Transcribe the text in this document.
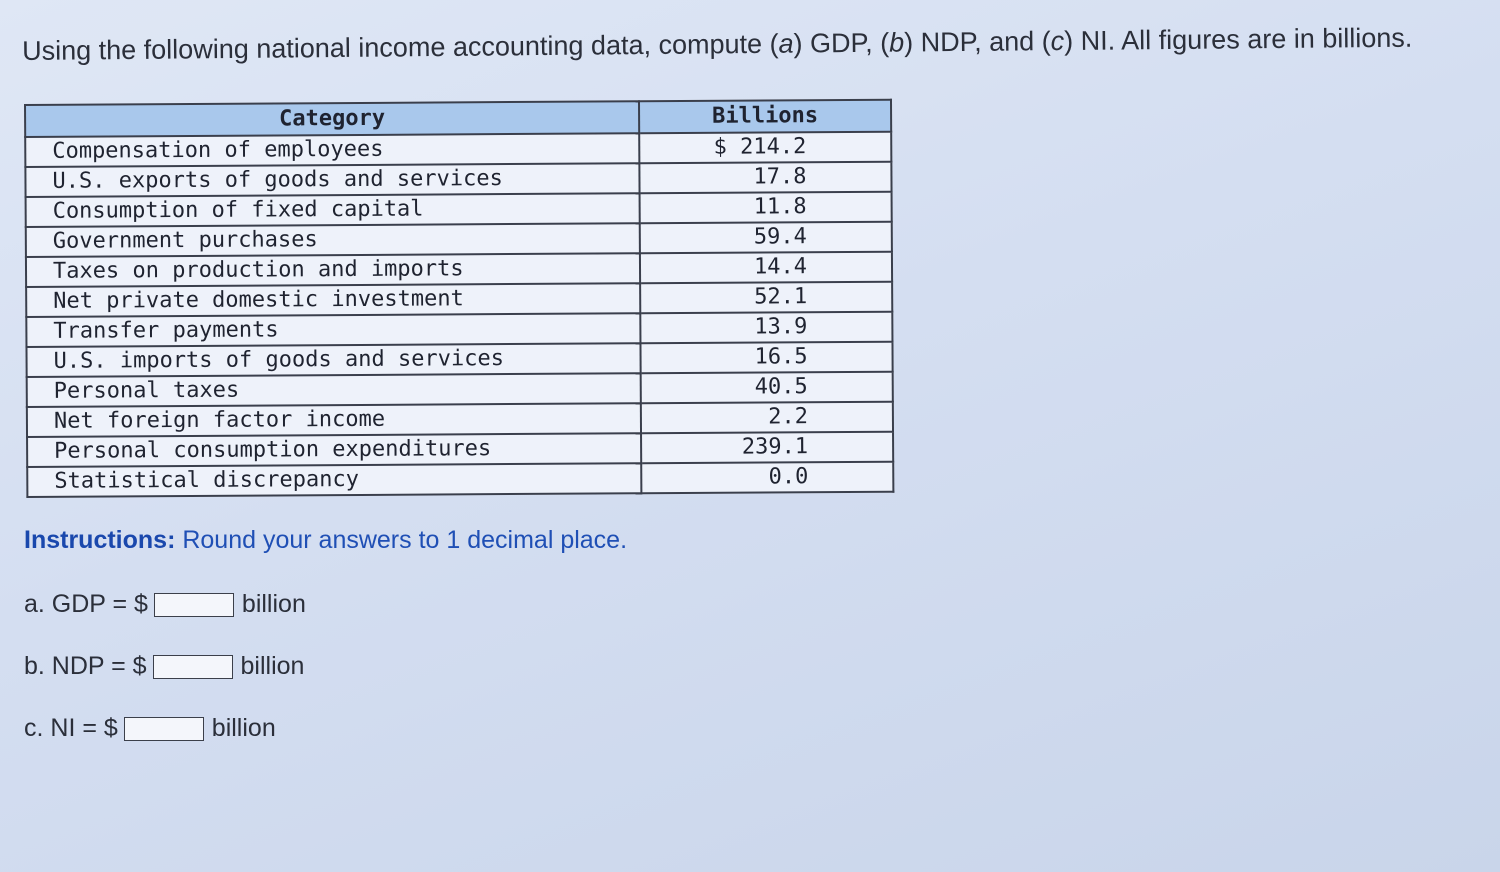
Using the following national income accounting data, compute (a) GDP, (b) NDP, and (c) NI. All figures are in billions.
Category	Billions
Compensation of employees	$ 214.2
U.S. exports of goods and services	17.8
Consumption of fixed capital	11.8
Government purchases	59.4
Taxes on production and imports	14.4
Net private domestic investment	52.1
Transfer payments	13.9
U.S. imports of goods and services	16.5
Personal taxes	40.5
Net foreign factor income	2.2
Personal consumption expenditures	239.1
Statistical discrepancy	0.0
Instructions: Round your answers to 1 decimal place.
a. GDP = $	billion
b. NDP = $	billion
c. NI = $	billion
